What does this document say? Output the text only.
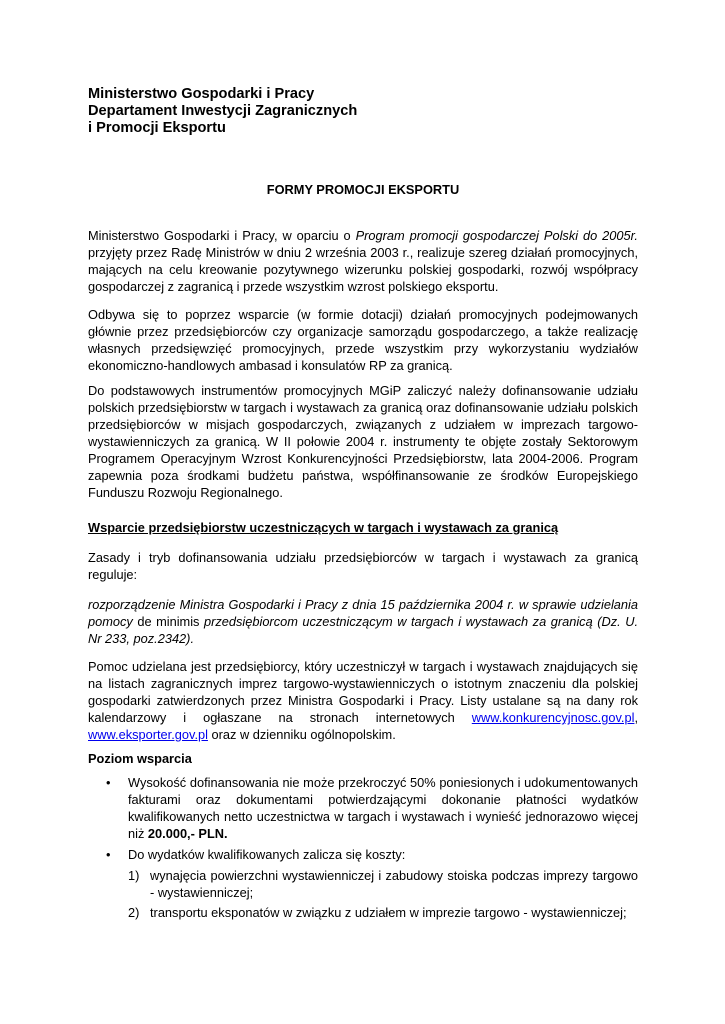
Ministerstwo Gospodarki i Pracy

Departament Inwestycji Zagranicznych

i Promocji Eksportu

FORMY PROMOCJI EKSPORTU

Ministerstwo Gospodarki i Pracy, w oparciu o Program promocji gospodarczej Polski do 2005r. przyjęty przez Radę Ministrów w dniu 2 września 2003 r., realizuje szereg działań promocyjnych, mających na celu kreowanie pozytywnego wizerunku polskiej gospodarki, rozwój współpracy gospodarczej z zagranicą i przede wszystkim wzrost polskiego eksportu.

Odbywa się to poprzez wsparcie (w formie dotacji) działań promocyjnych podejmowanych głównie przez przedsiębiorców czy organizacje samorządu gospodarczego, a także realizację własnych przedsięwzięć promocyjnych, przede wszystkim przy wykorzystaniu wydziałów ekonomiczno-handlowych ambasad i konsulatów RP za granicą.

Do podstawowych instrumentów promocyjnych MGiP zaliczyć należy dofinansowanie udziału polskich przedsiębiorstw w targach i wystawach za granicą oraz dofinansowanie udziału polskich przedsiębiorców w misjach gospodarczych, związanych z udziałem w imprezach targowo-wystawienniczych za granicą. W II połowie 2004 r. instrumenty te objęte zostały Sektorowym Programem Operacyjnym Wzrost Konkurencyjności Przedsiębiorstw, lata 2004-2006. Program zapewnia poza środkami budżetu państwa, współfinansowanie ze środków Europejskiego Funduszu Rozwoju Regionalnego.

Wsparcie przedsiębiorstw uczestniczących w targach i wystawach za granicą

Zasady i tryb dofinansowania udziału przedsiębiorców w targach i wystawach za granicą reguluje:

rozporządzenie Ministra Gospodarki i Pracy z dnia 15 października 2004 r. w sprawie udzielania pomocy de minimis przedsiębiorcom uczestniczącym w targach i wystawach za granicą (Dz. U. Nr 233, poz.2342).

Pomoc udzielana jest przedsiębiorcy, który uczestniczył w targach i wystawach znajdujących się na listach zagranicznych imprez targowo-wystawienniczych o istotnym znaczeniu dla polskiej gospodarki zatwierdzonych przez Ministra Gospodarki i Pracy. Listy ustalane są na dany rok kalendarzowy i ogłaszane na stronach internetowych www.konkurencyjnosc.gov.pl, www.eksporter.gov.pl oraz w dzienniku ogólnopolskim.

Poziom wsparcia

• Wysokość dofinansowania nie może przekroczyć 50% poniesionych i udokumentowanych fakturami oraz dokumentami potwierdzającymi dokonanie płatności wydatków kwalifikowanych netto uczestnictwa w targach i wystawach i wynieść jednorazowo więcej niż 20.000,- PLN.
• Do wydatków kwalifikowanych zalicza się koszty:
1) wynajęcia powierzchni wystawienniczej i zabudowy stoiska podczas imprezy targowo - wystawienniczej;
2) transportu eksponatów w związku z udziałem w imprezie targowo - wystawienniczej;
